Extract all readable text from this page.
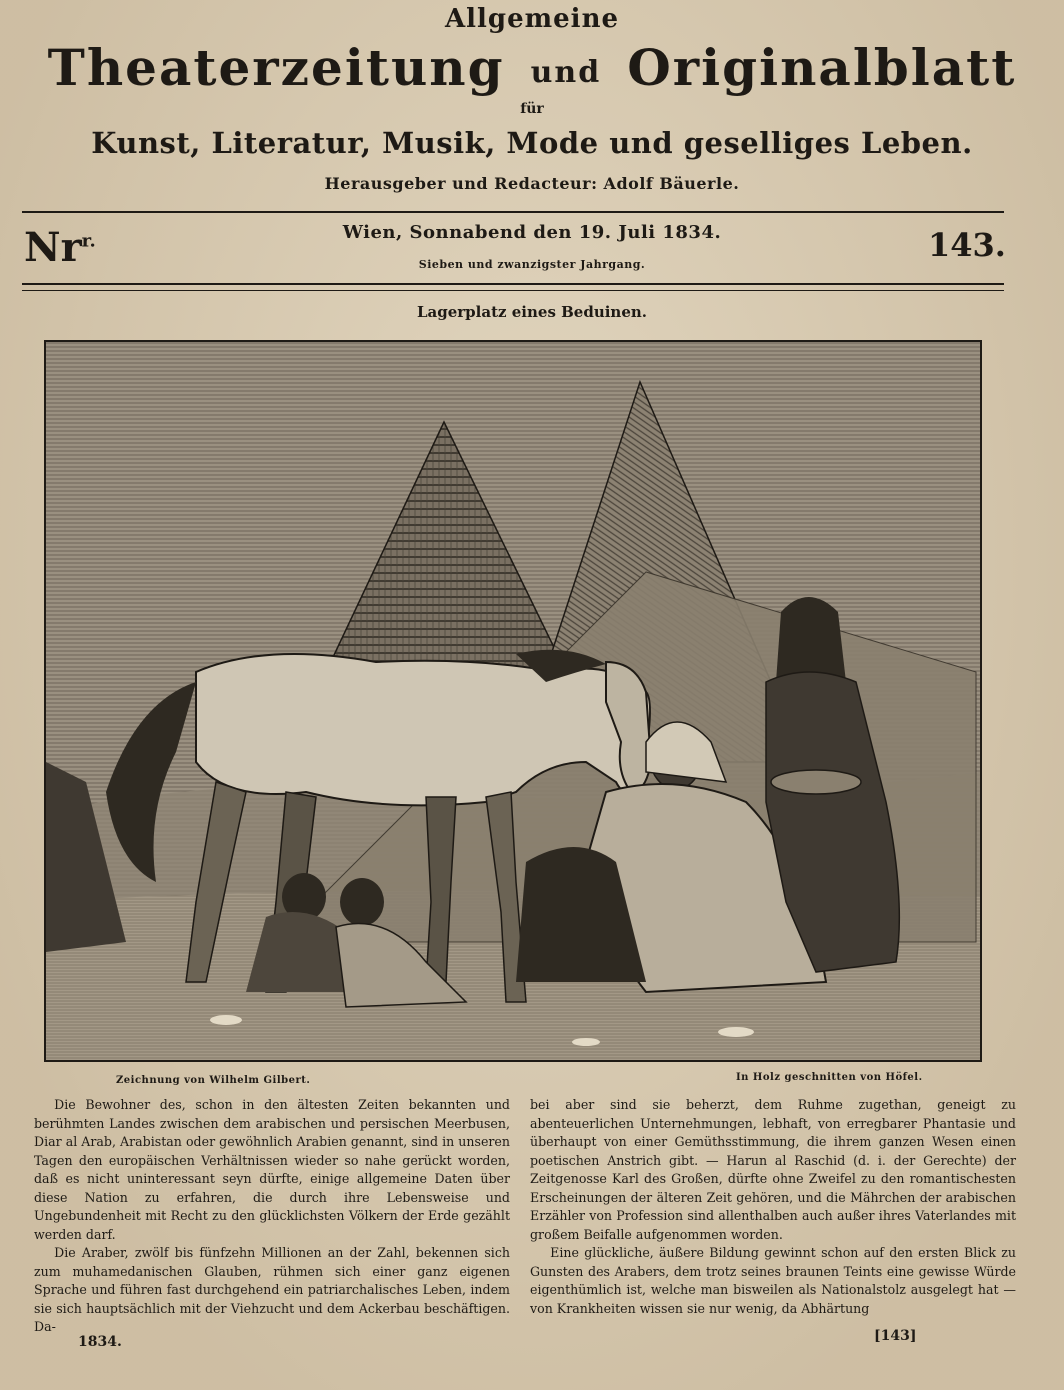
Allgemeine
Theaterzeitung und Originalblatt
für
Kunst, Literatur, Musik, Mode und geselliges Leben.
Herausgeber und Redacteur: Adolf Bäuerle.
$Nr^{r.}$	Wien, Sonnabend den 19. Juli 1834.
Sieben und zwanzigster Jahrgang.
143.
Lagerplatz eines Beduinen.
Zeichnung von Wilhelm Gilbert.	In Holz geschnitten von Höfel.

Die Bewohner des, schon in den ältesten Zeiten bekannten und berühmten Landes zwischen dem arabischen und persischen Meerbusen, Diar al Arab, Arabistan oder gewöhnlich Arabien genannt, sind in unseren Tagen den europäischen Verhältnissen wieder so nahe gerückt worden, daß es nicht uninteressant seyn dürfte, einige allgemeine Daten über diese Nation zu erfahren, die durch ihre Lebensweise und Ungebundenheit mit Recht zu den glücklichsten Völkern der Erde gezählt werden darf.

Die Araber, zwölf bis fünfzehn Millionen an der Zahl, bekennen sich zum muhamedanischen Glauben, rühmen sich einer ganz eigenen Sprache und führen fast durchgehend ein patriarchalisches Leben, indem sie sich hauptsächlich mit der Viehzucht und dem Ackerbau beschäftigen. Da-

bei aber sind sie beherzt, dem Ruhme zugethan, geneigt zu abenteuerlichen Unternehmungen, lebhaft, von erregbarer Phantasie und überhaupt von einer Gemüthsstimmung, die ihrem ganzen Wesen einen poetischen Anstrich gibt. — Harun al Raschid (d. i. der Gerechte) der Zeitgenosse Karl des Großen, dürfte ohne Zweifel zu den romantischesten Erscheinungen der älteren Zeit gehören, und die Mährchen der arabischen Erzähler von Profession sind allenthalben auch außer ihres Vaterlandes mit großem Beifalle aufgenommen worden.

Eine glückliche, äußere Bildung gewinnt schon auf den ersten Blick zu Gunsten des Arabers, dem trotz seines braunen Teints eine gewisse Würde eigenthümlich ist, welche man bisweilen als Nationalstolz ausgelegt hat — von Krankheiten wissen sie nur wenig, da Abhärtung

1834.	[143]
